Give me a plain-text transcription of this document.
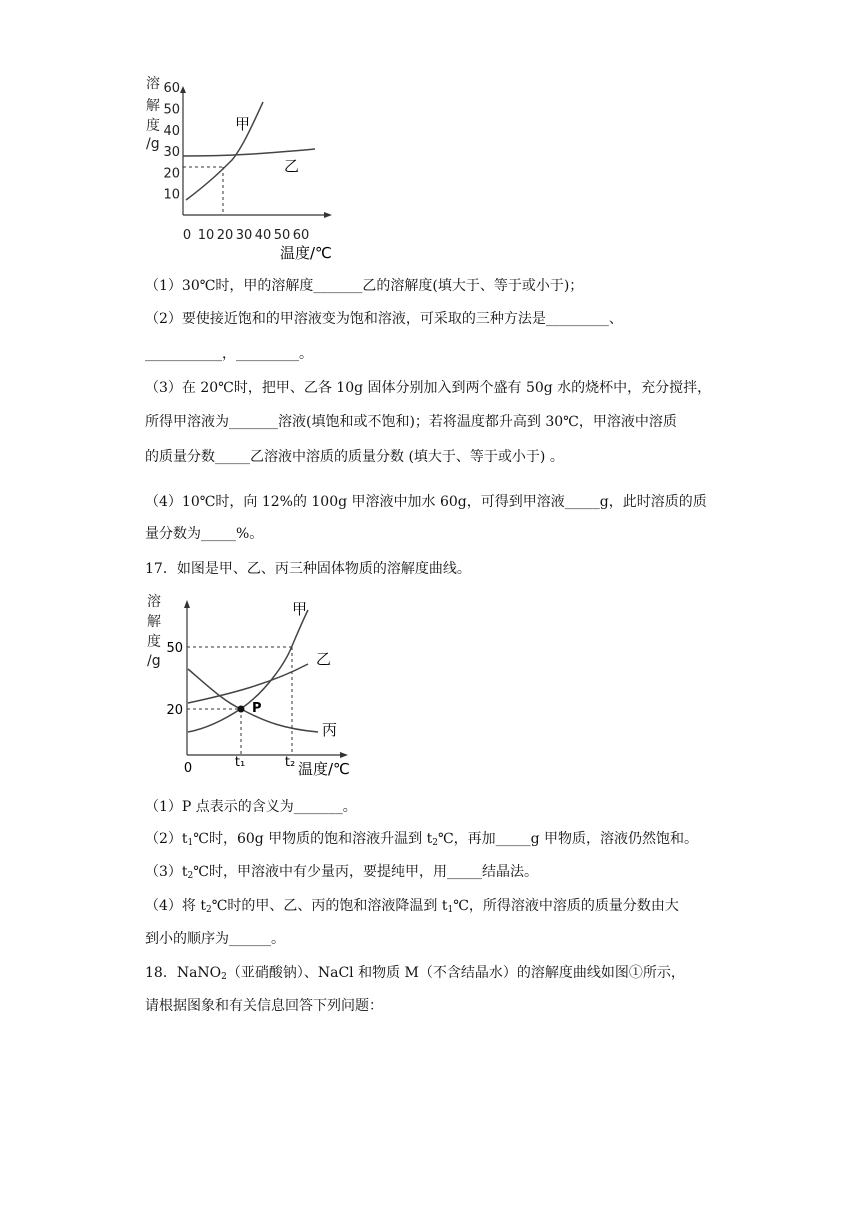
溶
解
度
/g
60
50
40
30
20
10
0 10 20 30 40 50 60
甲
乙
温度/℃
（1）30℃时，甲的溶解度_______乙的溶解度(填大于、等于或小于)；
（2）要使接近饱和的甲溶液变为饱和溶液，可采取的三种方法是_________、
___________，_________。
（3）在 20℃时，把甲、乙各 10g 固体分别加入到两个盛有 50g 水的烧杯中，充分搅拌，
所得甲溶液为_______溶液(填饱和或不饱和)；若将温度都升高到 30℃，甲溶液中溶质
的质量分数_____乙溶液中溶质的质量分数 (填大于、等于或小于) 。
（4）10℃时，向 12%的 100g 甲溶液中加水 60g，可得到甲溶液_____g，此时溶质的质
量分数为_____%。
17．如图是甲、乙、丙三种固体物质的溶解度曲线。
溶
解
度
/g
50
20
0	t₁	t₂
P
甲
乙
丙
温度/℃
（1）P 点表示的含义为_______。
$(2)t_1℃$时，60g 甲物质的饱和溶液升温到 $t_2℃$，再加_____g 甲物质，溶液仍然饱和。
$(3)t_2℃$时，甲溶液中有少量丙，要提纯甲，用_____结晶法。
（4）将 $t_2℃$时的甲、乙、丙的饱和溶液降温到 $t_1℃$，所得溶液中溶质的质量分数由大
到小的顺序为______。
18．NaNO$_2$（亚硝酸钠）、NaCl 和物质 M（不含结晶水）的溶解度曲线如图①所示，
请根据图象和有关信息回答下列问题：
